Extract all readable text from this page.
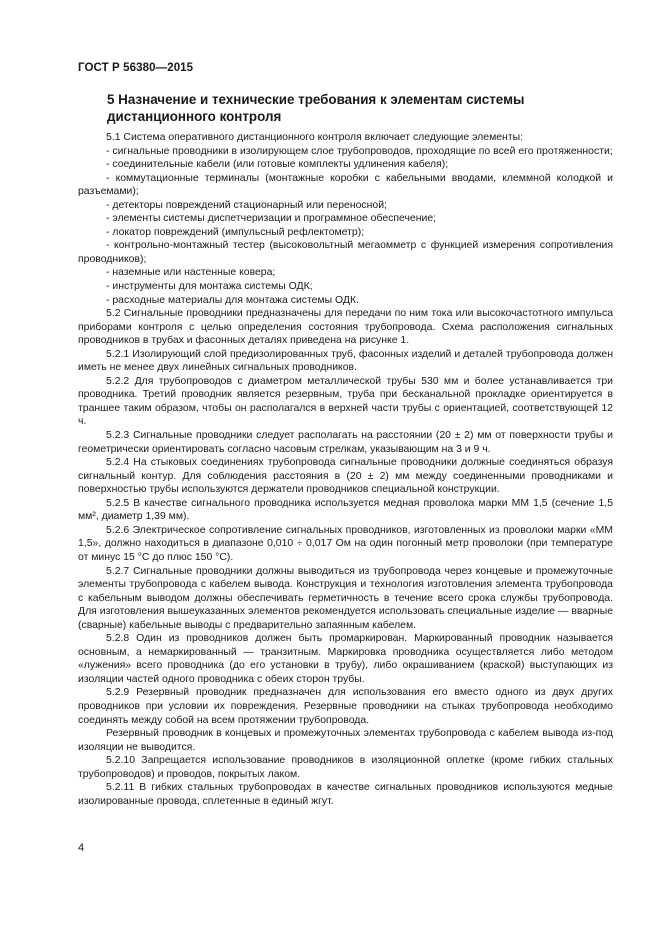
ГОСТ Р 56380—2015
5 Назначение и технические требования к элементам системы дистанционного контроля

5.1 Система оперативного дистанционного контроля включает следующие элементы:

- сигнальные проводники в изолирующем слое трубопроводов, проходящие по всей его протяженности;

- соединительные кабели (или готовые комплекты удлинения кабеля);

- коммутационные терминалы (монтажные коробки с кабельными вводами, клеммной колодкой и разъемами);

- детекторы повреждений стационарный или переносной;

- элементы системы диспетчеризации и программное обеспечение;

- локатор повреждений (импульсный рефлектометр);

- контрольно-монтажный тестер (высоковольтный мегаомметр с функцией измерения сопротивления проводников);

- наземные или настенные ковера;

- инструменты для монтажа системы ОДК;

- расходные материалы для монтажа системы ОДК.

5.2 Сигнальные проводники предназначены для передачи по ним тока или высокочастотного импульса приборами контроля с целью определения состояния трубопровода. Схема расположения сигнальных проводников в трубах и фасонных деталях приведена на рисунке 1.

5.2.1 Изолирующий слой предизолированных труб, фасонных изделий и деталей трубопровода должен иметь не менее двух линейных сигнальных проводников.

5.2.2 Для трубопроводов с диаметром металлической трубы 530 мм и более устанавливается три проводника. Третий проводник является резервным, труба при бесканальной прокладке ориентируется в траншее таким образом, чтобы он располагался в верхней части трубы с ориентацией, соответствующей 12 ч.

5.2.3 Сигнальные проводники следует располагать на расстоянии (20 ± 2) мм от поверхности трубы и геометрически ориентировать согласно часовым стрелкам, указывающим на 3 и 9 ч.

5.2.4 На стыковых соединениях трубопровода сигнальные проводники должные соединяться образуя сигнальный контур. Для соблюдения расстояния в (20 ± 2) мм между соединенными проводниками и поверхностью трубы используются держатели проводников специальной конструкции.

5.2.5 В качестве сигнального проводника используется медная проволока марки ММ 1,5 (сечение 1,5 мм², диаметр 1,39 мм).

5.2.6 Электрическое сопротивление сигнальных проводников, изготовленных из проволоки марки «ММ 1,5», должно находиться в диапазоне 0,010 ÷ 0,017 Ом на один погонный метр проволоки (при температуре от минус 15 °С до плюс 150 °С).

5.2.7 Сигнальные проводники должны выводиться из трубопровода через концевые и промежуточные элементы трубопровода с кабелем вывода. Конструкция и технология изготовления элемента трубопровода с кабельным выводом должны обеспечивать герметичность в течение всего срока службы трубопровода. Для изготовления вышеуказанных элементов рекомендуется использовать специальные изделие — вварные (сварные) кабельные выводы с предварительно запаянным кабелем.

5.2.8 Один из проводников должен быть промаркирован. Маркированный проводник называется основным, а немаркированный — транзитным. Маркировка проводника осуществляется либо методом «лужения» всего проводника (до его установки в трубу), либо окрашиванием (краской) выступающих из изоляции частей одного проводника с обеих сторон трубы.

5.2.9 Резервный проводник предназначен для использования его вместо одного из двух других проводников при условии их повреждения. Резервные проводники на стыках трубопровода необходимо соединять между собой на всем протяжении трубопровода.

Резервный проводник в концевых и промежуточных элементах трубопровода с кабелем вывода из-под изоляции не выводится.

5.2.10 Запрещается использование проводников в изоляционной оплетке (кроме гибких стальных трубопроводов) и проводов, покрытых лаком.

5.2.11 В гибких стальных трубопроводах в качестве сигнальных проводников используются медные изолированные провода, сплетенные в единый жгут.

4
